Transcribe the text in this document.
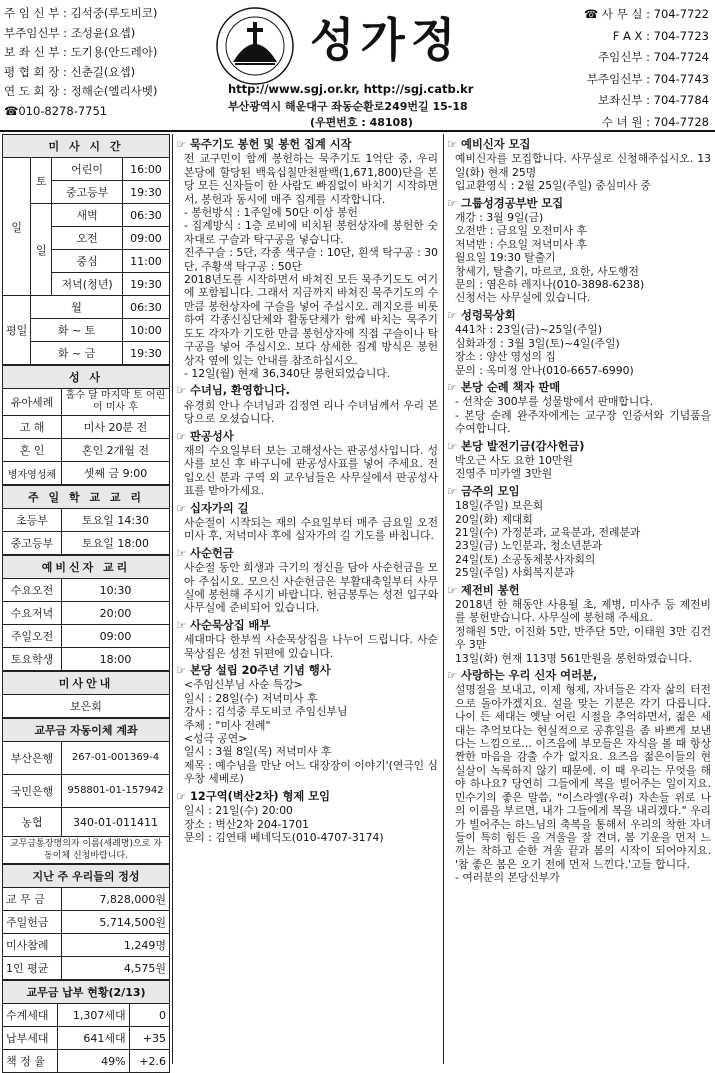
주 임 신 부 : 김석중(루도비코)
부주임신부 : 조성윤(요셉)
보 좌 신 부 : 도기용(안드레아)
평 협 회 장 : 신춘길(요셉)
연 도 회 장 : 정해순(엘리사벳)
☎010-8278-7751
성가정
http://www.sgj.or.kr, http://sgj.catb.kr
부산광역시 해운대구 좌동순환로249번길 15-18
(우편번호 : 48108)
☎ 사 무 실 : 704-7722
F A X : 704-7723
주임신부 : 704-7724
부주임신부 : 704-7743
보좌신부 : 704-7784
수 녀 원 : 704-7728
미 사 시 간			
일	토	어린이	16:00
		중고등부	19:30
	일	새벽	06:30
		오전	09:00
		중심	11:00
		저녁(청년)	19:30
평일	월		06:30
	화 ~ 토		10:00
	화 ~ 금		19:30
성 사	
유아세례	홀수 달 마지막 토 어린이 미사 후
고 해	미사 20분 전
혼 인	혼인 2개월 전
병자영성체	셋째 금 9:00
주 일 학 교 교 리	
초등부	토요일 14:30
중고등부	토요일 18:00
예비신자 교리	
수요오전	10:30
수요저녁	20:00
주일오전	09:00
토요학생	18:00
미사안내
보은회
교무금 자동이체 계좌	
부산은행	267-01-001369-4
국민은행	958801-01-157942
농협	340-01-011411
교무금통장명의자 이름(세례명)으로 자동이체 신청바랍니다.	
지난 주 우리들의 정성	
교 무 금	7,828,000원
주일헌금	5,714,500원
미사참례	1,249명
1인 평균	4,575원
교무금 납부 현황(2/13)		
수계세대	1,307세대	0
납부세대	641세대	+35
책 정 율	49%	+2.6
☞ 묵주기도 봉헌 및 봉헌 집계 시작

전 교구민이 함께 봉헌하는 묵주기도 1억단 중, 우리 본당에 할당된 백육십칠만천팔백(1,671,800)단을 본당 모든 신자들이 한 사람도 빠짐없이 바치기 시작하면서, 봉헌과 동시에 매주 집계를 시작합니다.

- 봉헌방식 : 1주일에 50단 이상 봉헌

- 집계방식 : 1층 로비에 비치된 봉헌상자에 봉헌한 숫자대로 구슬과 탁구공을 넣습니다.

진주구슬 : 5단, 각종 색구슬 : 10단, 흰색 탁구공 : 30단, 주황색 탁구공 : 50단

2018년도를 시작하면서 바쳐진 모든 묵주기도도 여기에 포함됩니다. 그래서 지금까지 바쳐진 묵주기도의 수만큼 봉헌상자에 구슬을 넣어 주십시오. 레지오를 비롯하여 각종신심단체와 활동단체가 함께 바치는 묵주기도도 각자가 기도한 만큼 봉헌상자에 직접 구슬이나 탁구공을 넣어 주십시오. 보다 상세한 집계 방식은 봉헌상자 옆에 있는 안내를 참조하십시오.

- 12일(월) 현재 36,340단 봉헌되었습니다.

☞ 수녀님, 환영합니다.

유경희 안나 수녀님과 김정연 리나 수녀님께서 우리 본당으로 오셨습니다.

☞ 판공성사

재의 수요일부터 보는 고해성사는 판공성사입니다. 성사를 보신 후 바구니에 판공성사표를 넣어 주세요. 전입오신 분과 구역 외 교우님들은 사무실에서 판공성사표를 받아가세요.

☞ 십자가의 길

사순절이 시작되는 재의 수요일부터 매주 금요일 오전미사 후, 저녁미사 후에 십자가의 길 기도를 바칩니다.

☞ 사순헌금

사순절 동안 희생과 극기의 정신을 담아 사순헌금을 모아 주십시오. 모으신 사순헌금은 부활대축일부터 사무실에 봉헌해 주시기 바랍니다. 헌금봉투는 성전 입구와 사무실에 준비되어 있습니다.

☞ 사순묵상집 배부

세대마다 한부씩 사순묵상집을 나누어 드립니다. 사순묵상집은 성전 뒤편에 있습니다.

☞ 본당 설립 20주년 기념 행사

<주임신부님 사순 특강>

일시 : 28일(수) 저녁미사 후

강사 : 김석중 루도비코 주임신부님

주제 : "미사 전례"

<성극 공연>

일시 : 3월 8일(목) 저녁미사 후

제목 : 예수님을 만난 어느 대장장이 이야기'(연극인 심우창 세베로)

☞ 12구역(벽산2차) 형제 모임

일시 : 21일(수) 20:00

장소 : 벽산2차 204-1701

문의 : 김연태 베네딕도(010-4707-3174)

☞ 예비신자 모집

예비신자를 모집합니다. 사무실로 신청해주십시오. 13일(화) 현재 25명

입교환영식 : 2월 25일(주일) 중심미사 중

☞ 그룹성경공부반 모집

개강 : 3월 9일(금)

오전반 : 금요일 오전미사 후

저녁반 : 수요일 저녁미사 후

월요일 19:30 탈출기

창세기, 탈출기, 마르코, 요한, 사도행전

문의 : 염은하 레지나(010-3898-6238)

신청서는 사무실에 있습니다.

☞ 성령묵상회

441차 : 23일(금)~25일(주일)

심화과정 : 3월 3일(토)~4일(주일)

장소 : 양산 영성의 집

문의 : 옥미정 안나(010-6657-6990)

☞ 본당 순례 책자 판매

- 선착순 300부를 성물방에서 판매합니다.

- 본당 순례 완주자에게는 교구장 인증서와 기념품을 수여합니다.

☞ 본당 발전기금(감사헌금)

박오근 사도 요한 10만원

진영주 미카엘 3만원

☞ 금주의 모임

18일(주일) 보은회

20일(화) 제대회

21일(수) 가정분과, 교육분과, 전례분과

23일(금) 노인분과, 청소년분과

24일(토) 소공동체봉사자회의

25일(주일) 사회복지분과

☞ 제전비 봉헌

2018년 한 해동안 사용될 초, 제병, 미사주 등 제전비를 봉헌받습니다. 사무실에 봉헌해 주세요.

정해원 5만, 이진화 5만, 반주단 5만, 이태원 3만 김건우 3만

13일(화) 현재 113명 561만원을 봉헌하였습니다.

☞ 사랑하는 우리 신자 여러분,

설명절을 보내고, 이제 형제, 자녀들은 각자 삶의 터전으로 돌아가겠지요. 설을 맞는 기분은 각기 다릅니다. 나이 든 세대는 옛날 어린 시절을 추억하면서, 젊은 세대는 추억보다는 현실적으로 공휴일을 좀 바쁘게 보낸다는 느낌으로... 이즈음에 부모들은 자식을 볼 때 항상 짠한 마음을 감출 수가 없지요. 요즈음 젊은이들의 현실살이 녹록하지 않기 때문에. 이 때 우리는 무엇을 해야 하나요? 당연히 그들에게 복을 빌어주는 일이지요. 민수기의 좋은 말씀, "이스라엘(우리) 자손들 위로 나의 이름을 부르면, 내가 그들에게 복을 내리겠다." 우리가 빌어주는 하느님의 축복을 통해서 우리의 착한 자녀들이 특히 힘든 올 겨울을 잘 견뎌, 봄 기운을 먼저 느끼는 착하고 순한 겨울 끝과 봄의 시작이 되어야지요. '참 좋은 봄은 오기 전에 먼저 느낀다.'고들 합니다.

- 여러분의 본당신부가
